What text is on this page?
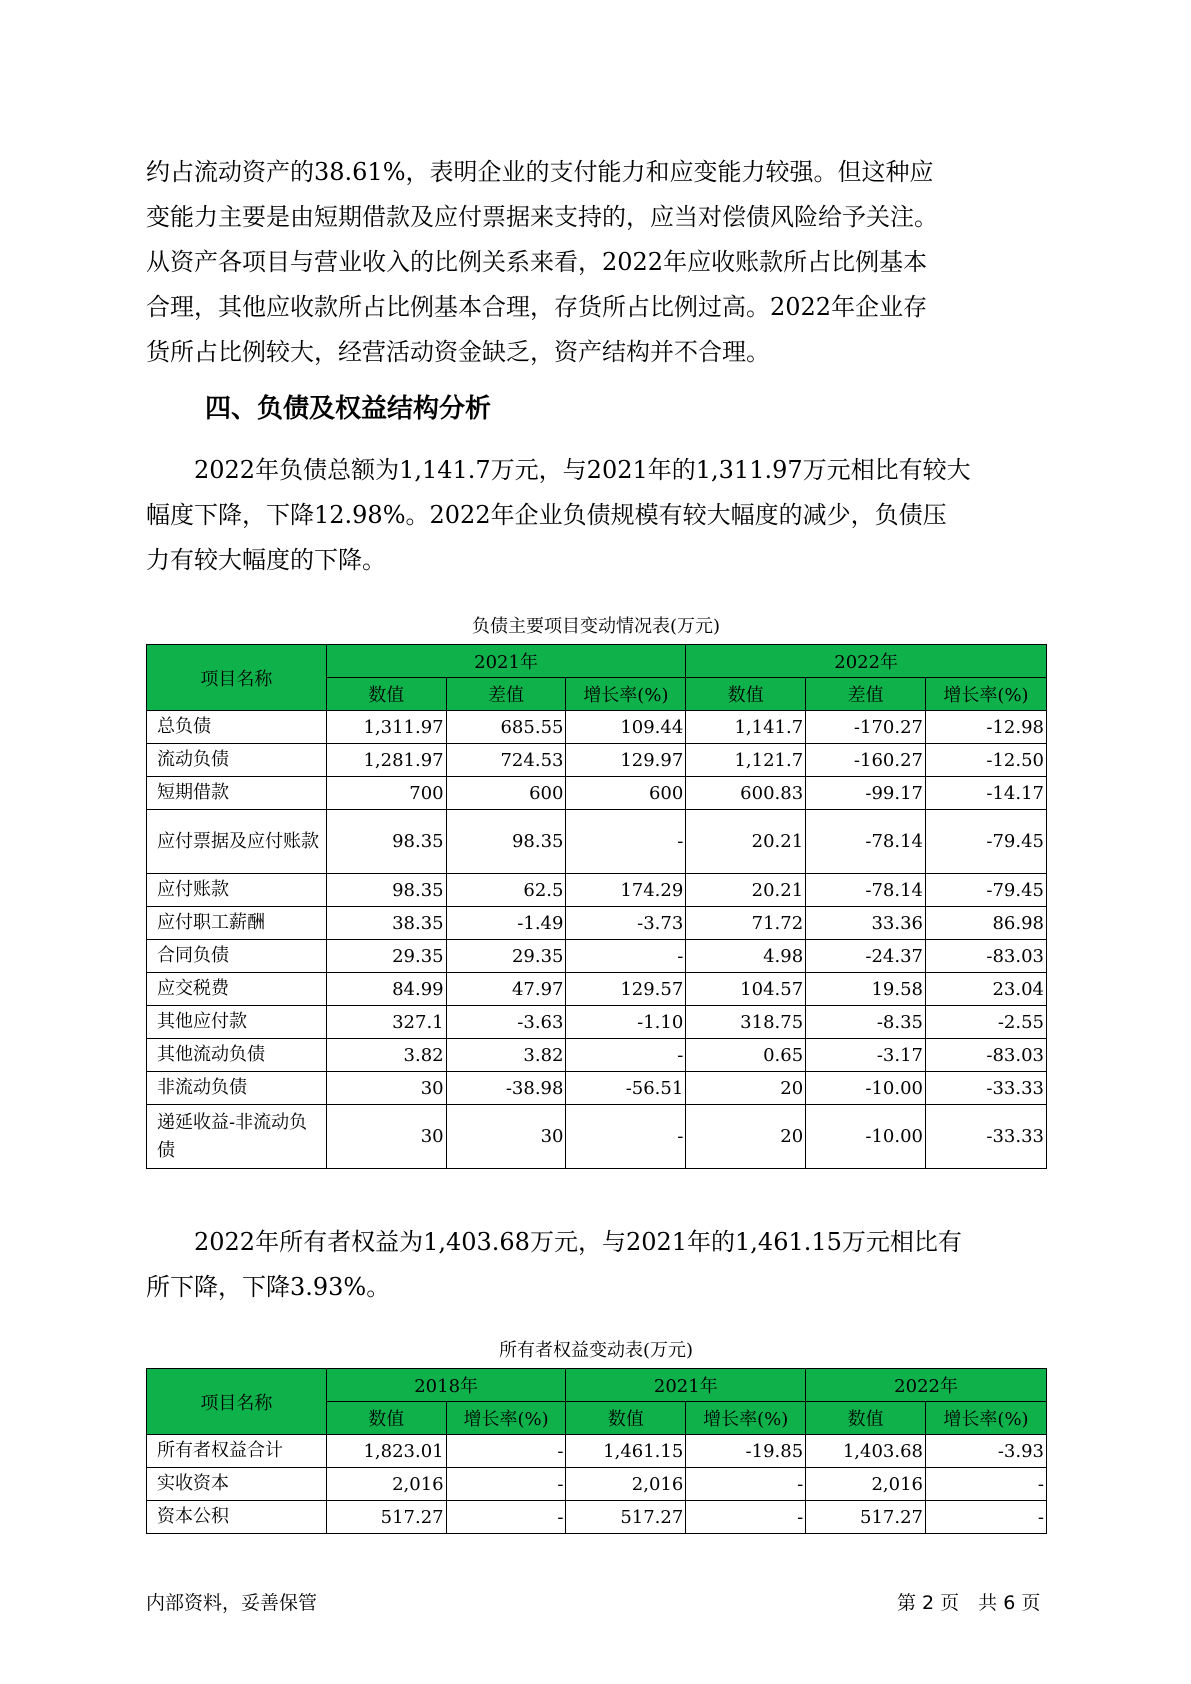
约占流动资产的38.61%，表明企业的支付能力和应变能力较强。但这种应
变能力主要是由短期借款及应付票据来支持的，应当对偿债风险给予关注。
从资产各项目与营业收入的比例关系来看，2022年应收账款所占比例基本
合理，其他应收款所占比例基本合理，存货所占比例过高。2022年企业存
货所占比例较大，经营活动资金缺乏，资产结构并不合理。
四、负债及权益结构分析
　　2022年负债总额为1,141.7万元，与2021年的1,311.97万元相比有较大
幅度下降，下降12.98%。2022年企业负债规模有较大幅度的减少，负债压
力有较大幅度的下降。
负债主要项目变动情况表(万元)
项目名称	2021年			2022年		
	数值	差值	增长率(%)	数值	差值	增长率(%)
总负债	1,311.97	685.55	109.44	1,141.7	-170.27	-12.98
流动负债	1,281.97	724.53	129.97	1,121.7	-160.27	-12.50
短期借款	700	600	600	600.83	-99.17	-14.17
应付票据及应付账款	98.35	98.35	-	20.21	-78.14	-79.45
应付账款	98.35	62.5	174.29	20.21	-78.14	-79.45
应付职工薪酬	38.35	-1.49	-3.73	71.72	33.36	86.98
合同负债	29.35	29.35	-	4.98	-24.37	-83.03
应交税费	84.99	47.97	129.57	104.57	19.58	23.04
其他应付款	327.1	-3.63	-1.10	318.75	-8.35	-2.55
其他流动负债	3.82	3.82	-	0.65	-3.17	-83.03
非流动负债	30	-38.98	-56.51	20	-10.00	-33.33
递延收益-非流动负债	30	30	-	20	-10.00	-33.33
　　2022年所有者权益为1,403.68万元，与2021年的1,461.15万元相比有
所下降，下降3.93%。
所有者权益变动表(万元)
项目名称	2018年		2021年		2022年	
	数值	增长率(%)	数值	增长率(%)	数值	增长率(%)
所有者权益合计	1,823.01	-	1,461.15	-19.85	1,403.68	-3.93
实收资本	2,016	-	2,016	-	2,016	-
资本公积	517.27	-	517.27	-	517.27	-
内部资料，妥善保管	第 2 页　共 6 页
